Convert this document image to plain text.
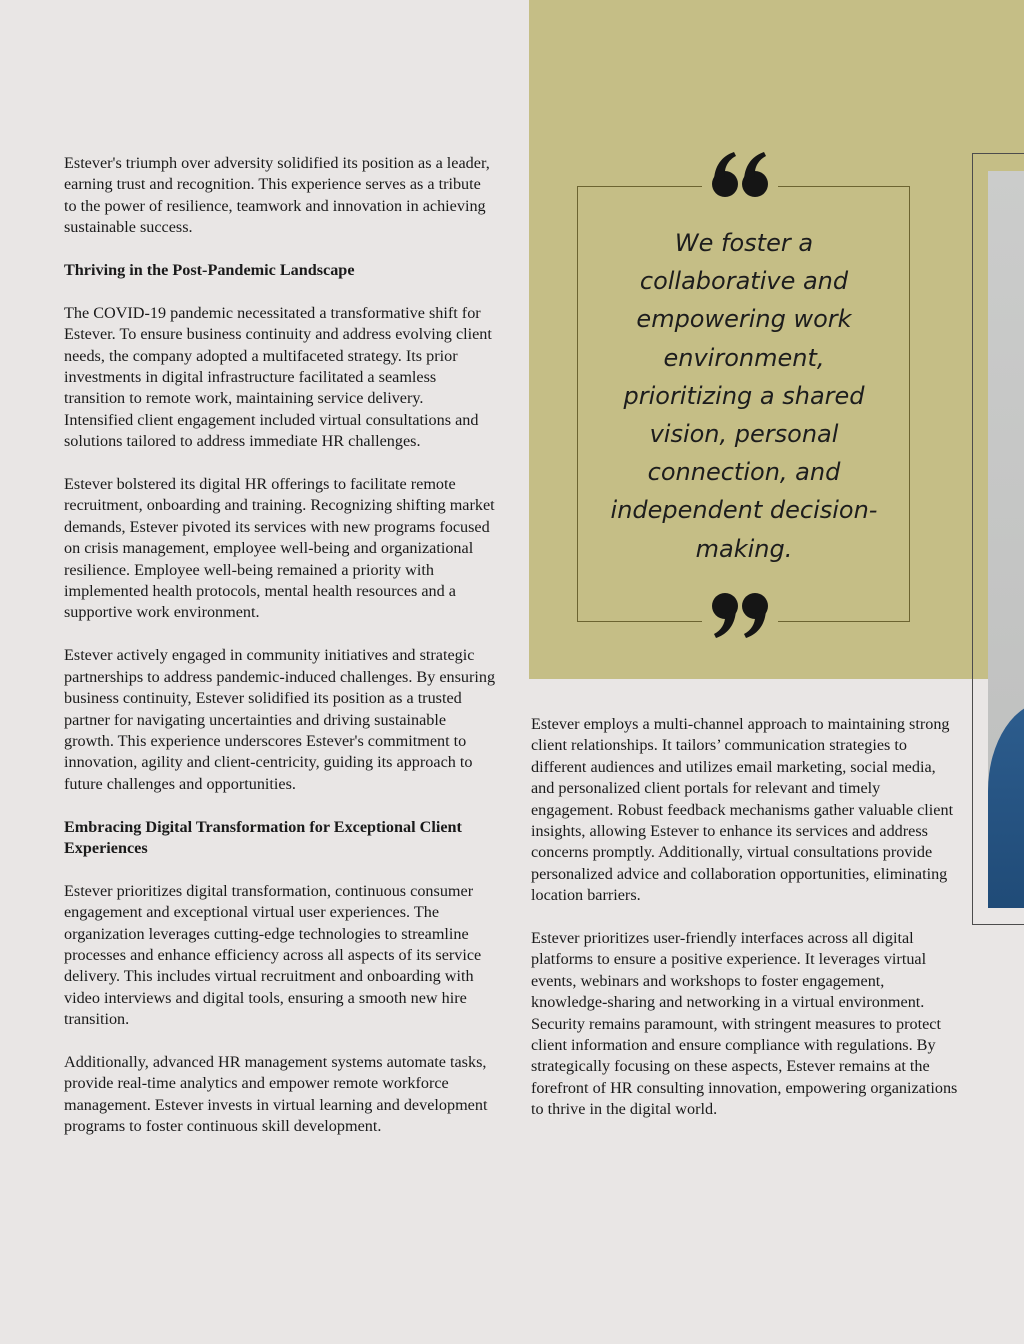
Estever's triumph over adversity solidified its position as a leader, earning trust and recognition. This experience serves as a tribute to the power of resilience, teamwork and innovation in achieving sustainable success.

Thriving in the Post-Pandemic Landscape

The COVID-19 pandemic necessitated a transformative shift for Estever. To ensure business continuity and address evolving client needs, the company adopted a multifaceted strategy. Its prior investments in digital infrastructure facilitated a seamless transition to remote work, maintaining service delivery. Intensified client engagement included virtual consultations and solutions tailored to address immediate HR challenges.

Estever bolstered its digital HR offerings to facilitate remote recruitment, onboarding and training. Recognizing shifting market demands, Estever pivoted its services with new programs focused on crisis management, employee well-being and organizational resilience. Employee well-being remained a priority with implemented health protocols, mental health resources and a supportive work environment.

Estever actively engaged in community initiatives and strategic partnerships to address pandemic-induced challenges. By ensuring business continuity, Estever solidified its position as a trusted partner for navigating uncertainties and driving sustainable growth. This experience underscores Estever's commitment to innovation, agility and client-centricity, guiding its approach to future challenges and opportunities.

Embracing Digital Transformation for Exceptional Client Experiences

Estever prioritizes digital transformation, continuous consumer engagement and exceptional virtual user experiences. The organization leverages cutting-edge technologies to streamline processes and enhance efficiency across all aspects of its service delivery. This includes virtual recruitment and onboarding with video interviews and digital tools, ensuring a smooth new hire transition.

Additionally, advanced HR management systems automate tasks, provide real-time analytics and empower remote workforce management. Estever invests in virtual learning and development programs to foster continuous skill development.

We foster a collaborative and empowering work environment, prioritizing a shared vision, personal connection, and independent decision-making.

Estever employs a multi-channel approach to maintaining strong client relationships. It tailors’ communication strategies to different audiences and utilizes email marketing, social media, and personalized client portals for relevant and timely engagement. Robust feedback mechanisms gather valuable client insights, allowing Estever to enhance its services and address concerns promptly. Additionally, virtual consultations provide personalized advice and collaboration opportunities, eliminating location barriers.

Estever prioritizes user-friendly interfaces across all digital platforms to ensure a positive experience. It leverages virtual events, webinars and workshops to foster engagement, knowledge-sharing and networking in a virtual environment. Security remains paramount, with stringent measures to protect client information and ensure compliance with regulations. By strategically focusing on these aspects, Estever remains at the forefront of HR consulting innovation, empowering organizations to thrive in the digital world.
